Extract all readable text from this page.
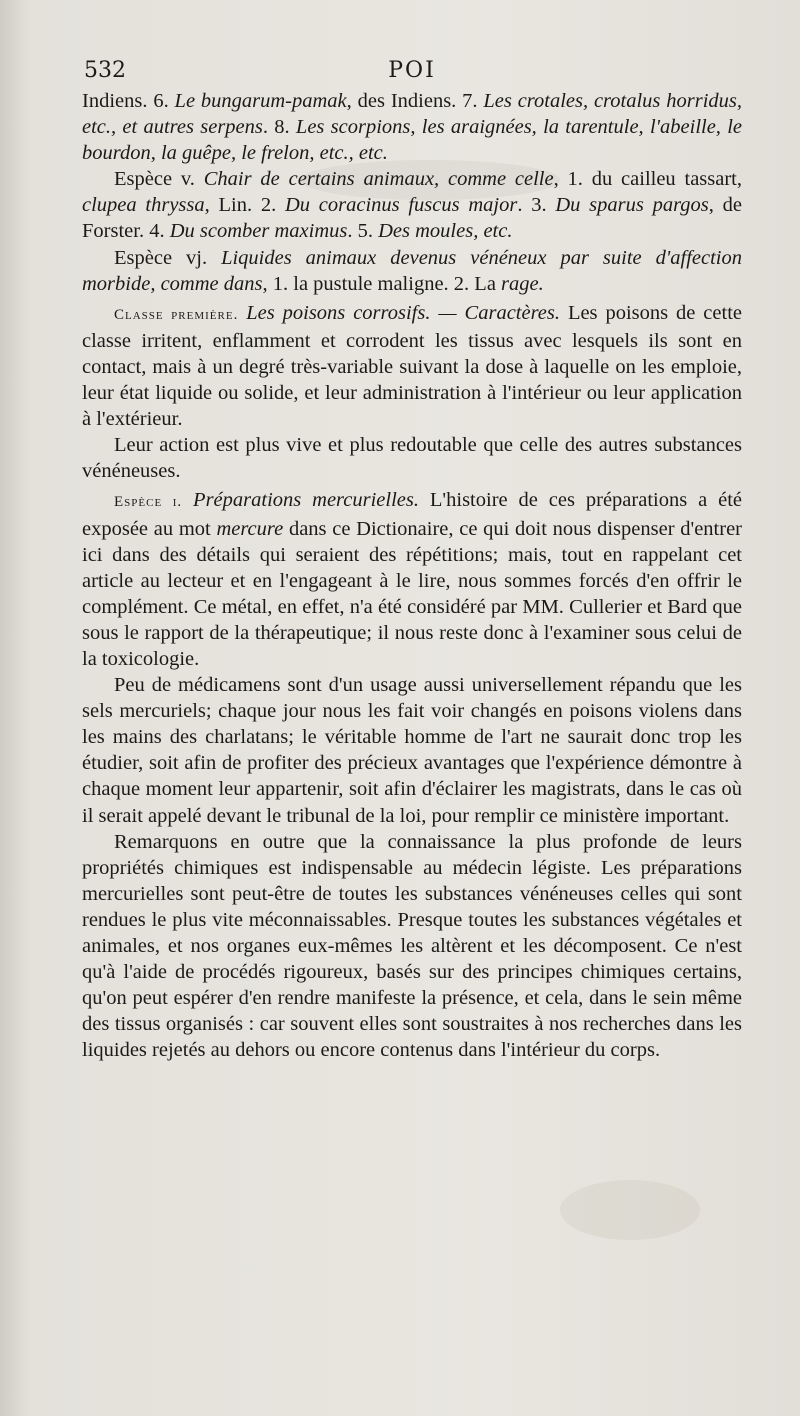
532	POI

Indiens. 6. Le bungarum-pamak, des Indiens. 7. Les crotales, crotalus horridus, etc., et autres serpens. 8. Les scorpions, les araignées, la tarentule, l'abeille, le bourdon, la guêpe, le frelon, etc., etc.

Espèce v. Chair de certains animaux, comme celle, 1. du cailleu tassart, clupea thryssa, Lin. 2. Du coracinus fuscus major. 3. Du sparus pargos, de Forster. 4. Du scomber maximus. 5. Des moules, etc.

Espèce vj. Liquides animaux devenus vénéneux par suite d'affection morbide, comme dans, 1. la pustule maligne. 2. La rage.

Classe première. Les poisons corrosifs. — Caractères. Les poisons de cette classe irritent, enflamment et corrodent les tissus avec lesquels ils sont en contact, mais à un degré très-variable suivant la dose à laquelle on les emploie, leur état liquide ou solide, et leur administration à l'intérieur ou leur application à l'extérieur.

Leur action est plus vive et plus redoutable que celle des autres substances vénéneuses.

Espèce i. Préparations mercurielles. L'histoire de ces préparations a été exposée au mot mercure dans ce Dictionaire, ce qui doit nous dispenser d'entrer ici dans des détails qui seraient des répétitions; mais, tout en rappelant cet article au lecteur et en l'engageant à le lire, nous sommes forcés d'en offrir le complément. Ce métal, en effet, n'a été considéré par MM. Cullerier et Bard que sous le rapport de la thérapeutique; il nous reste donc à l'examiner sous celui de la toxicologie.

Peu de médicamens sont d'un usage aussi universellement répandu que les sels mercuriels; chaque jour nous les fait voir changés en poisons violens dans les mains des charlatans; le véritable homme de l'art ne saurait donc trop les étudier, soit afin de profiter des précieux avantages que l'expérience démontre à chaque moment leur appartenir, soit afin d'éclairer les magistrats, dans le cas où il serait appelé devant le tribunal de la loi, pour remplir ce ministère important.

Remarquons en outre que la connaissance la plus profonde de leurs propriétés chimiques est indispensable au médecin légiste. Les préparations mercurielles sont peut-être de toutes les substances vénéneuses celles qui sont rendues le plus vite méconnaissables. Presque toutes les substances végétales et animales, et nos organes eux-mêmes les altèrent et les décomposent. Ce n'est qu'à l'aide de procédés rigoureux, basés sur des principes chimiques certains, qu'on peut espérer d'en rendre manifeste la présence, et cela, dans le sein même des tissus organisés : car souvent elles sont soustraites à nos recherches dans les liquides rejetés au dehors ou encore contenus dans l'intérieur du corps.
